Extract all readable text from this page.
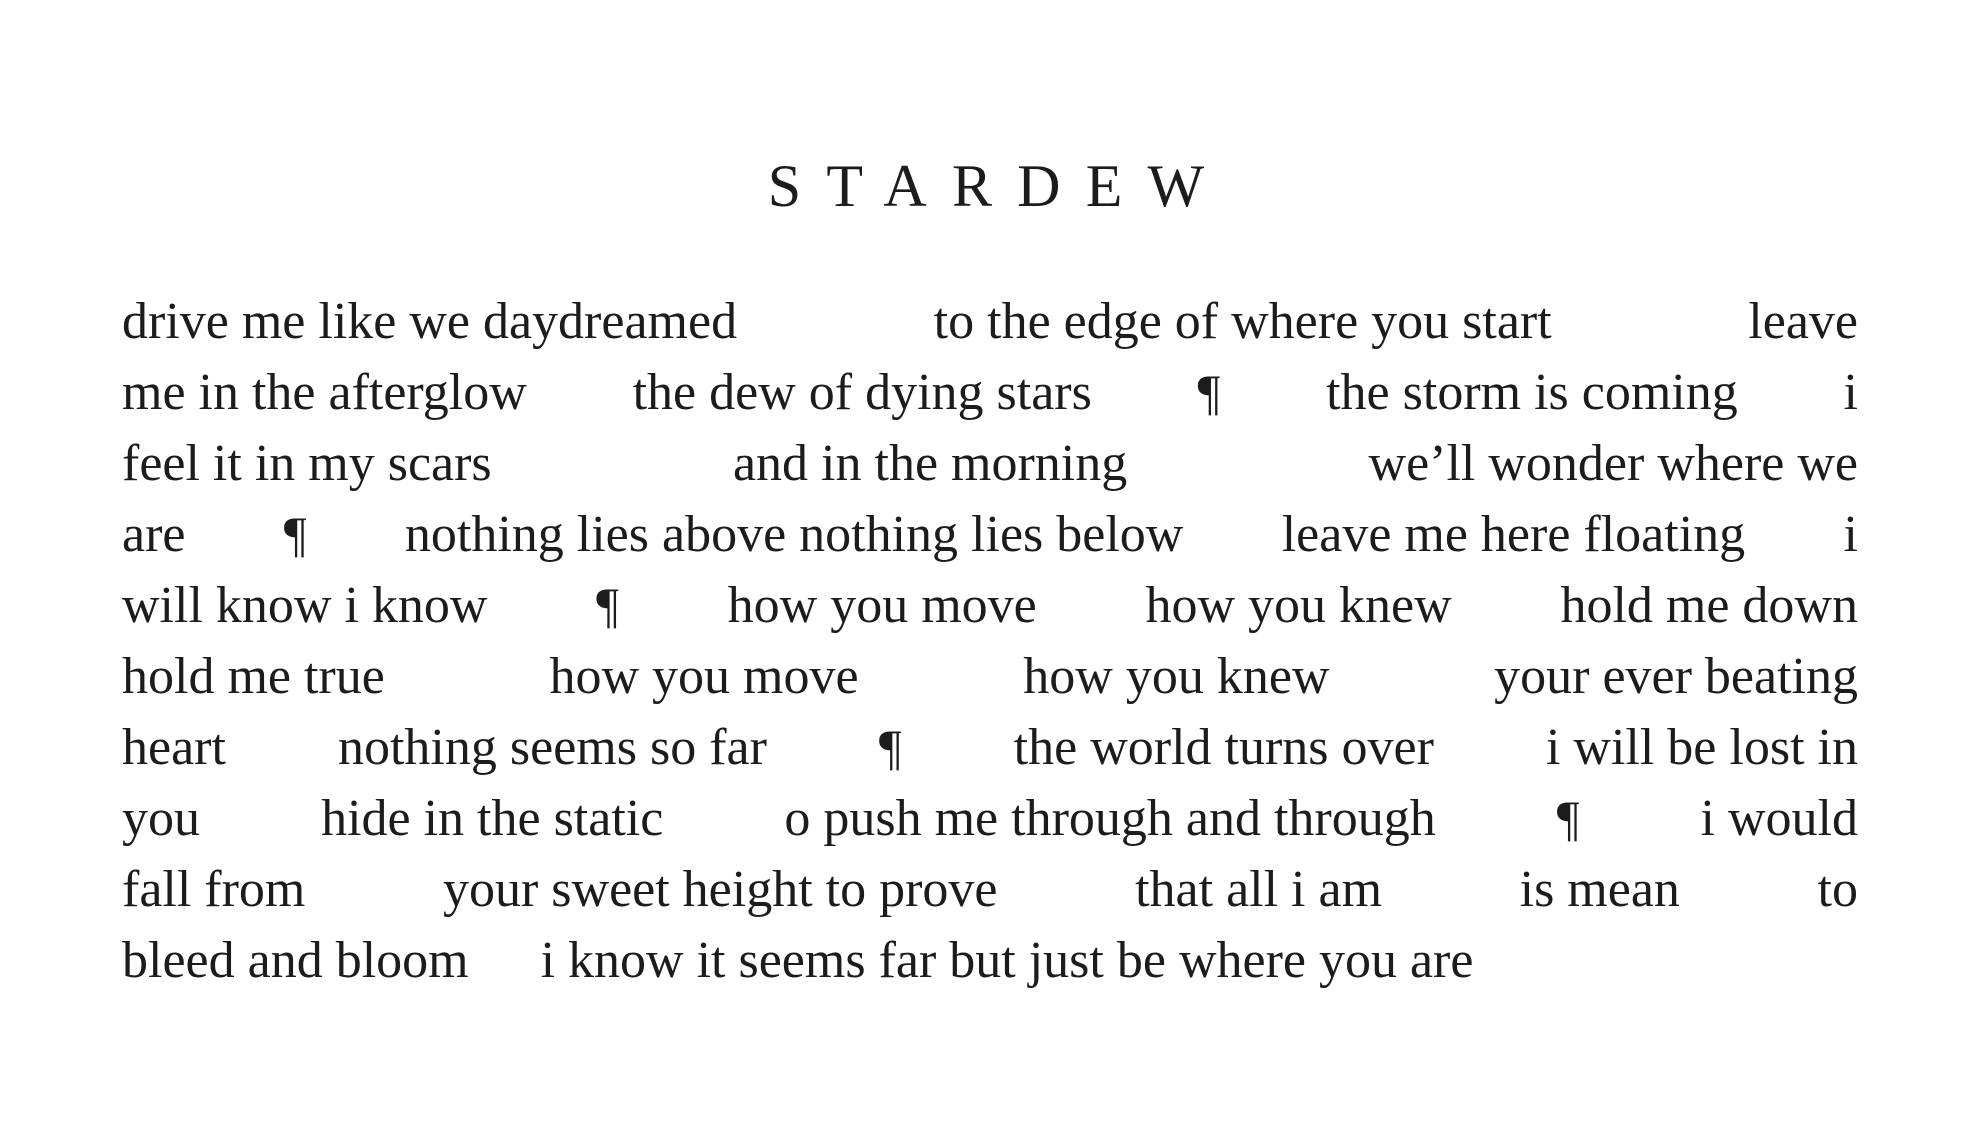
STARDEW
drive me like we daydreamed	to the edge of where you start	leave
me in the afterglow the dew of dying stars ¶ the storm is coming i
feel it in my scars	and in the morning	we’ll wonder where we
are ¶ nothing lies above nothing lies below leave me here floating i
will know i know ¶ how you move how you knew hold me down
hold me true	how you move	how you knew	your ever beating
heart nothing seems so far ¶ the world turns over i will be lost in
you hide in the static o push me through and through ¶ i would
fall from	your sweet height to prove	that all i am	is mean	to
bleed and bloom i know it seems far but just be where you are
